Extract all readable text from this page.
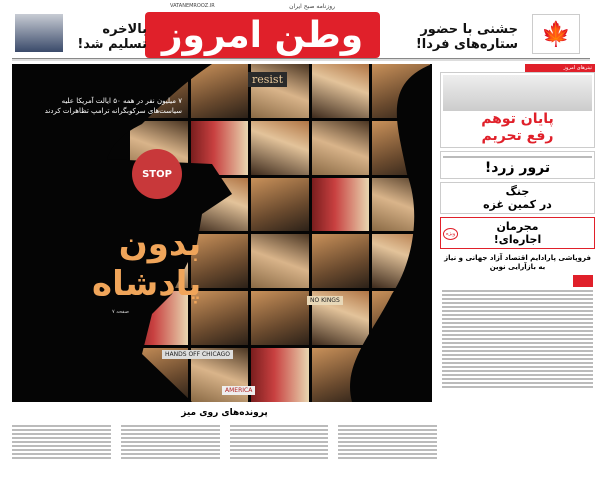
روزنامه صبح ایران
VATANEMROOZ.IR
وطن امروز
بالاخره
تسلیم شد!
جشنی با حضور
ستاره‌های فردا! 🍁
STOP
resist
NO KINGS
HANDS OFF CHICAGO
AMERICA
۷ میلیون نفر در همه ۵۰ ایالت آمریکا علیه سیاست‌های سرکوبگرانه ترامپ تظاهرات کردند
بدون
پادشاه
صفحه ۷
تیترهای امروز
پایان توهم
رفع تحریم
ترور زرد!
جنگ
در کمین غزه
مجرمان
اجاره‌ای!
ویژه
فروپاشی پارادایم اقتصاد آزاد جهانی و نیاز به بازآرایی نوین
پرونده‌های روی میز
